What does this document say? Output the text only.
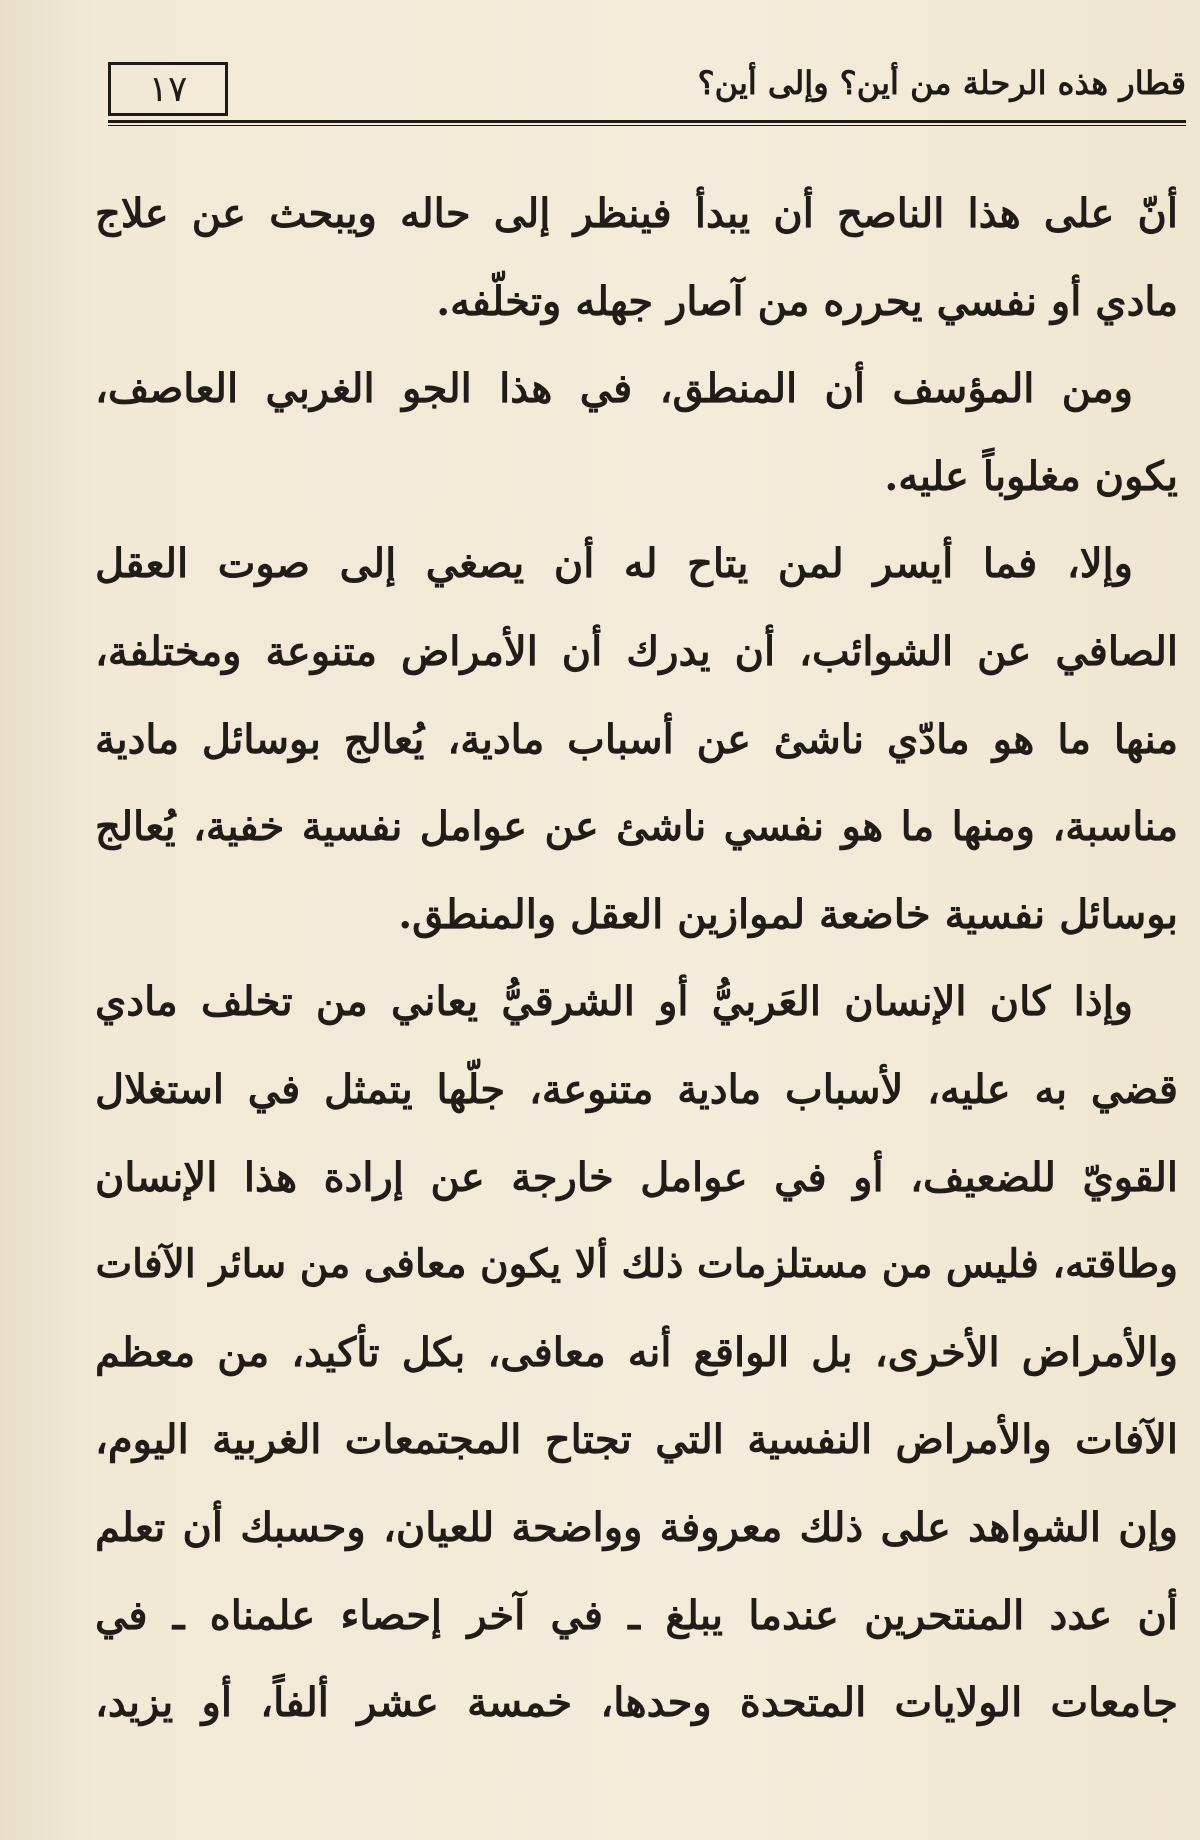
١٧	قطار هذه الرحلة من أين؟ وإلى أين؟
أنّ على هذا الناصح أن يبدأ فينظر إلى حاله ويبحث عن علاج
مادي أو نفسي يحرره من آصار جهله وتخلّفه.
ومن المؤسف أن المنطق، في هذا الجو الغربي العاصف،
يكون مغلوباً عليه.
وإلا، فما أيسر لمن يتاح له أن يصغي إلى صوت العقل
الصافي عن الشوائب، أن يدرك أن الأمراض متنوعة ومختلفة،
منها ما هو مادّي ناشئ عن أسباب مادية، يُعالج بوسائل مادية
مناسبة، ومنها ما هو نفسي ناشئ عن عوامل نفسية خفية، يُعالج
بوسائل نفسية خاضعة لموازين العقل والمنطق.
وإذا كان الإنسان العَربيُّ أو الشرقيُّ يعاني من تخلف مادي
قضي به عليه، لأسباب مادية متنوعة، جلّها يتمثل في استغلال
القويّ للضعيف، أو في عوامل خارجة عن إرادة هذا الإنسان
وطاقته، فليس من مستلزمات ذلك ألا يكون معافى من سائر الآفات
والأمراض الأخرى، بل الواقع أنه معافى، بكل تأكيد، من معظم
الآفات والأمراض النفسية التي تجتاح المجتمعات الغربية اليوم،
وإن الشواهد على ذلك معروفة وواضحة للعيان، وحسبك أن تعلم
أن عدد المنتحرين عندما يبلغ ـ في آخر إحصاء علمناه ـ في
جامعات الولايات المتحدة وحدها، خمسة عشر ألفاً، أو يزيد،
